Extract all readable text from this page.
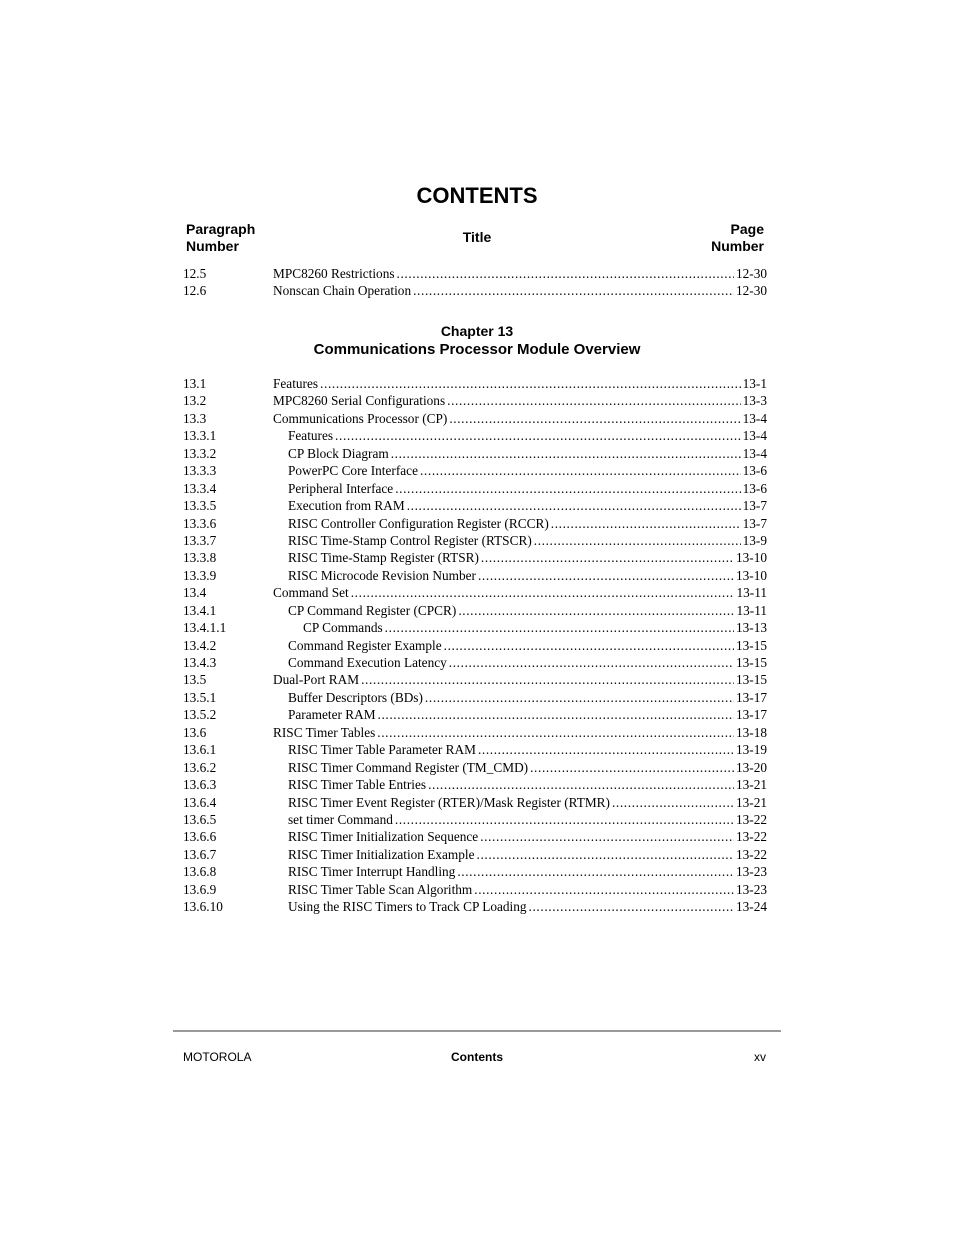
CONTENTS
Paragraph
Number
Title	Page
Number
12.5	MPC8260 Restrictions . . .	12-30
12.6	Nonscan Chain Operation . . .	12-30
Chapter 13
Communications Processor Module Overview
13.1	Features . . .	13-1
13.2	MPC8260 Serial Configurations . . .	13-3
13.3	Communications Processor (CP) . . .	13-4
13.3.1	Features . . .	13-4
13.3.2	CP Block Diagram . . .	13-4
13.3.3	PowerPC Core Interface . . .	13-6
13.3.4	Peripheral Interface . . .	13-6
13.3.5	Execution from RAM . . .	13-7
13.3.6	RISC Controller Configuration Register (RCCR) . . .	13-7
13.3.7	RISC Time-Stamp Control Register (RTSCR) . . .	13-9
13.3.8	RISC Time-Stamp Register (RTSR) . . .	13-10
13.3.9	RISC Microcode Revision Number . . .	13-10
13.4	Command Set . . .	13-11
13.4.1	CP Command Register (CPCR) . . .	13-11
13.4.1.1	CP Commands . . .	13-13
13.4.2	Command Register Example . . .	13-15
13.4.3	Command Execution Latency . . .	13-15
13.5	Dual-Port RAM . . .	13-15
13.5.1	Buffer Descriptors (BDs) . . .	13-17
13.5.2	Parameter RAM . . .	13-17
13.6	RISC Timer Tables . . .	13-18
13.6.1	RISC Timer Table Parameter RAM . . .	13-19
13.6.2	RISC Timer Command Register (TM_CMD) . . .	13-20
13.6.3	RISC Timer Table Entries . . .	13-21
13.6.4	RISC Timer Event Register (RTER)/Mask Register (RTMR) . . .	13-21
13.6.5	set timer Command . . .	13-22
13.6.6	RISC Timer Initialization Sequence . . .	13-22
13.6.7	RISC Timer Initialization Example . . .	13-22
13.6.8	RISC Timer Interrupt Handling . . .	13-23
13.6.9	RISC Timer Table Scan Algorithm . . .	13-23
13.6.10	Using the RISC Timers to Track CP Loading . . .	13-24
MOTOROLA	Contents	xv
